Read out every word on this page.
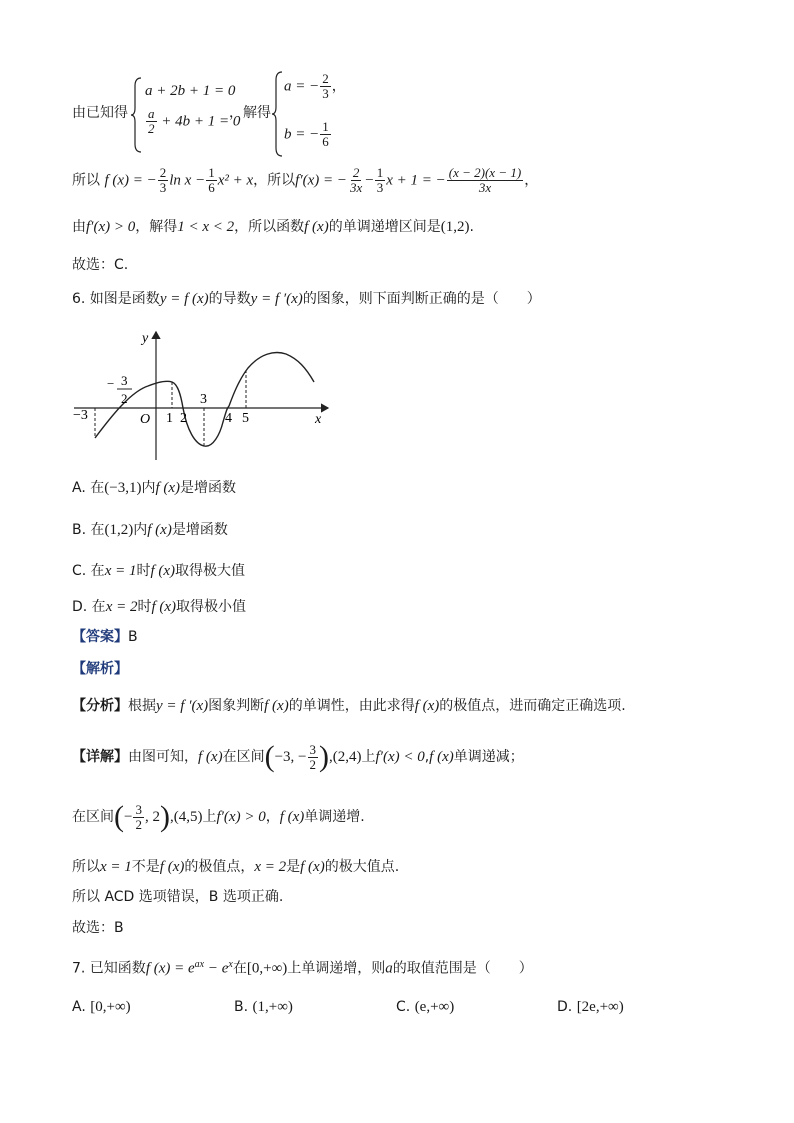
由已知得
a + 2b + 1 = 0
$\frac{a}{2} + 4b + 1 = 0$
，解得
a = − $\frac{2}{3}$ ，
b = − $\frac{1}{6}$
所以 f (x) = − $\frac{2}{3}$ $\ln x - \frac{1}{6} x^2 + x$，所以f′(x) = − $\frac{2}{3x} - \frac{1}{3}$ x + 1 = − $\frac{(x - 2)(x - 1)}{3x}$ ，
由f′(x) > 0，解得1 < x < 2，所以函数f (x)的单调递增区间是(1,2).
故选：C.
6. 如图是函数y = f (x)的导数y = f ′(x)的图象，则下面判断正确的是（　　）
y
x
O
−3
− 3
2
1 2
3
4 5
A. 在(−3,1)内f (x)是增函数
B. 在(1,2)内f (x)是增函数
C. 在x = 1时f (x)取得极大值
D. 在x = 2时f (x)取得极小值
【答案】B
【解析】
【分析】根据y = f ′(x)图象判断f (x)的单调性，由此求得f (x)的极值点，进而确定正确选项.
【详解】由图可知，f (x)在区间(−3, − $\frac{3}{2} ),(2,4)$上f′(x) < 0,f (x)单调递减；
在区间(− $\frac{3}{2}$ , 2),(4,5)上f′(x) > 0，f (x)单调递增.
所以x = 1不是f (x)的极值点，x = 2是f (x)的极大值点.
所以 ACD 选项错误，B 选项正确.
故选：B
7. 已知函数f $(x) = e^{ax} - e^x$在[0,+∞)上单调递增，则a的取值范围是（　　）
A. [0,+∞)	B. (1,+∞)	C. (e,+∞)	D. [2e,+∞)
